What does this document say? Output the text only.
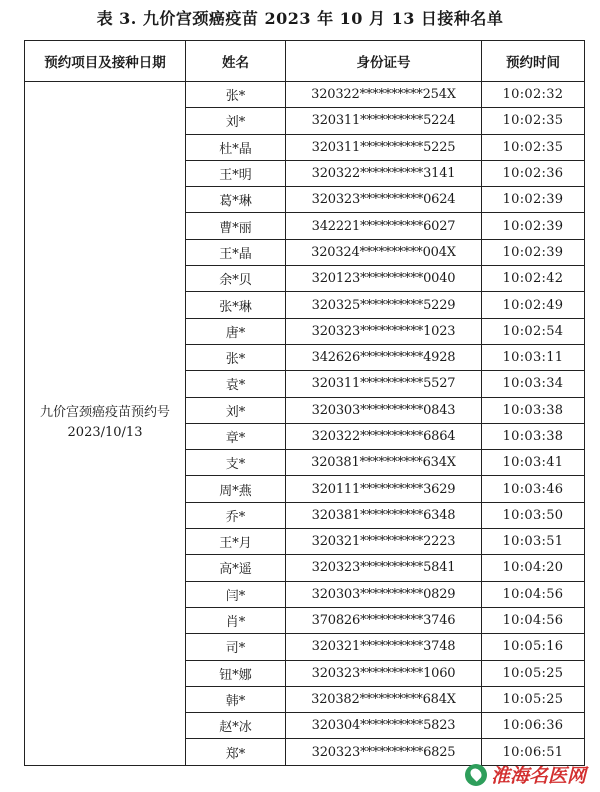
表 3. 九价宫颈癌疫苗 2023 年 10 月 13 日接种名单
预约项目及接种日期	姓名	身份证号	预约时间

九价宫颈癌疫苗预约号
2023/10/13	张*	320322**********254X	10:02:32
	刘*	320311**********5224	10:02:35
	杜*晶	320311**********5225	10:02:35
	王*明	320322**********3141	10:02:36
	葛*琳	320323**********0624	10:02:39
	曹*丽	342221**********6027	10:02:39
	王*晶	320324**********004X	10:02:39
	余*贝	320123**********0040	10:02:42
	张*琳	320325**********5229	10:02:49
	唐*	320323**********1023	10:02:54
	张*	342626**********4928	10:03:11
	袁*	320311**********5527	10:03:34
	刘*	320303**********0843	10:03:38
	章*	320322**********6864	10:03:38
	支*	320381**********634X	10:03:41
	周*燕	320111**********3629	10:03:46
	乔*	320381**********6348	10:03:50
	王*月	320321**********2223	10:03:51
	高*遥	320323**********5841	10:04:20
	闫*	320303**********0829	10:04:56
	肖*	370826**********3746	10:04:56
	司*	320321**********3748	10:05:16
	钮*娜	320323**********1060	10:05:25
	韩*	320382**********684X	10:05:25
	赵*冰	320304**********5823	10:06:36
	郑*	320323**********6825	10:06:51
淮海名医网
